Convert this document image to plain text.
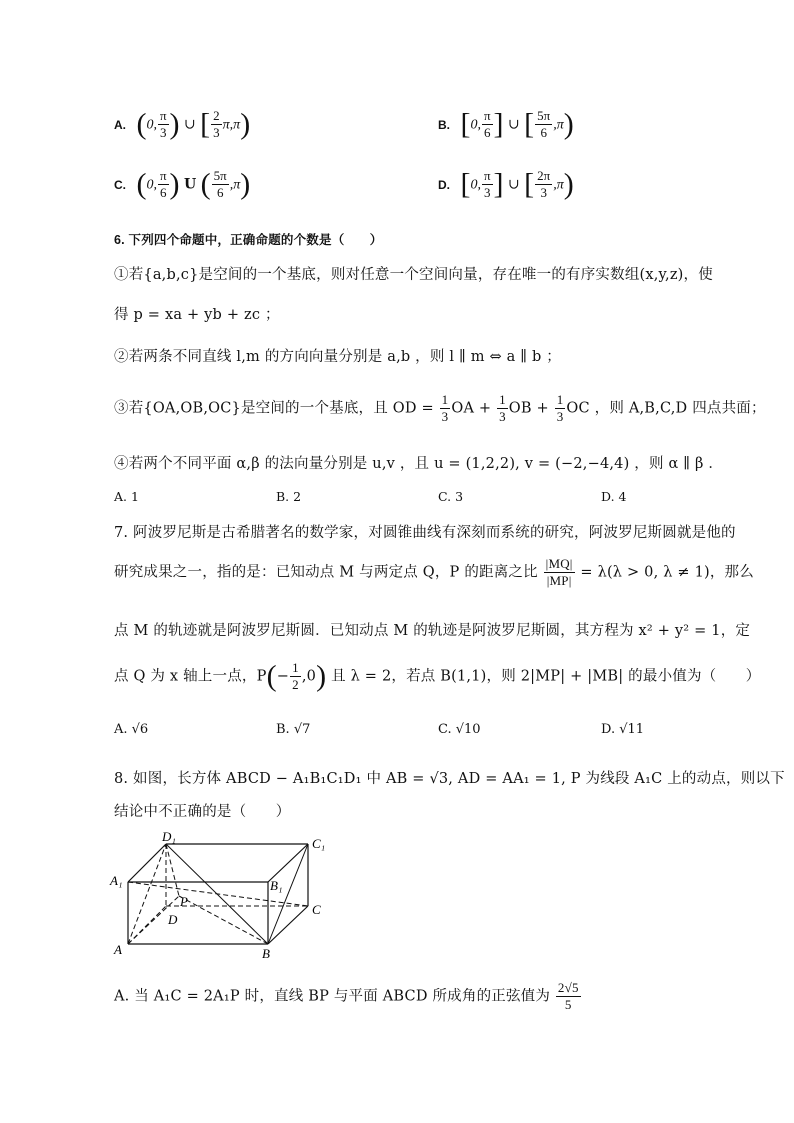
A. (0, $\frac{\pi}{3}$ ) ∪ [ $\frac{2}{3} \pi,\pi$)	B. [0, $\frac{\pi}{6}$ ] ∪ [ $\frac{5\pi}{6} ,\pi$)
C. (0, $\frac{\pi}{6}$ ) U ( $\frac{5\pi}{6} ,\pi$)	D. [0, $\frac{\pi}{3}$ ] ∪ [ $\frac{2\pi}{3} ,\pi$)
6. 下列四个命题中，正确命题的个数是（　　）
①若{a,b,c}是空间的一个基底，则对任意一个空间向量，存在唯一的有序实数组(x,y,z)，使
得 p = xa + yb + zc ；
②若两条不同直线 l,m 的方向向量分别是 a,b ，则 l ∥ m ⇔ a ∥ b ；
③若{OA,OB,OC}是空间的一个基底，且 OD = $\frac{1}{3}$ OA + $\frac{1}{3}$ OB + $\frac{1}{3}$ OC ，则 A,B,C,D 四点共面；
④若两个不同平面 α,β 的法向量分别是 u,v ，且 u = (1,2,2), v = (−2,−4,4) ，则 α ∥ β ．
A. 1	B. 2	C. 3	D. 4
7. 阿波罗尼斯是古希腊著名的数学家，对圆锥曲线有深刻而系统的研究，阿波罗尼斯圆就是他的
研究成果之一，指的是：已知动点 M 与两定点 Q，P 的距离之比 $\frac{|MQ|}{|MP|} = \lambda(\lambda > 0$, λ ≠ 1)，那么
点 M 的轨迹就是阿波罗尼斯圆．已知动点 M 的轨迹是阿波罗尼斯圆，其方程为 x² + y² = 1，定
点 Q 为 x 轴上一点，$P(- \frac{1}{2} ,0)$ 且 λ = 2，若点 B(1,1)，则 2|MP| + |MB| 的最小值为（　　）
A. √6	B. √7	C. √10	D. √11
8. 如图，长方体 ABCD − A₁B₁C₁D₁ 中 AB = √3, AD = AA₁ = 1, P 为线段 A₁C 上的动点，则以下
结论中不正确的是（　　）
D₁	C₁
A₁	B₁
P
D
C
A	B
A. 当 A₁C = 2A₁P 时，直线 BP 与平面 ABCD 所成角的正弦值为 $\frac{2√5}{5}$
